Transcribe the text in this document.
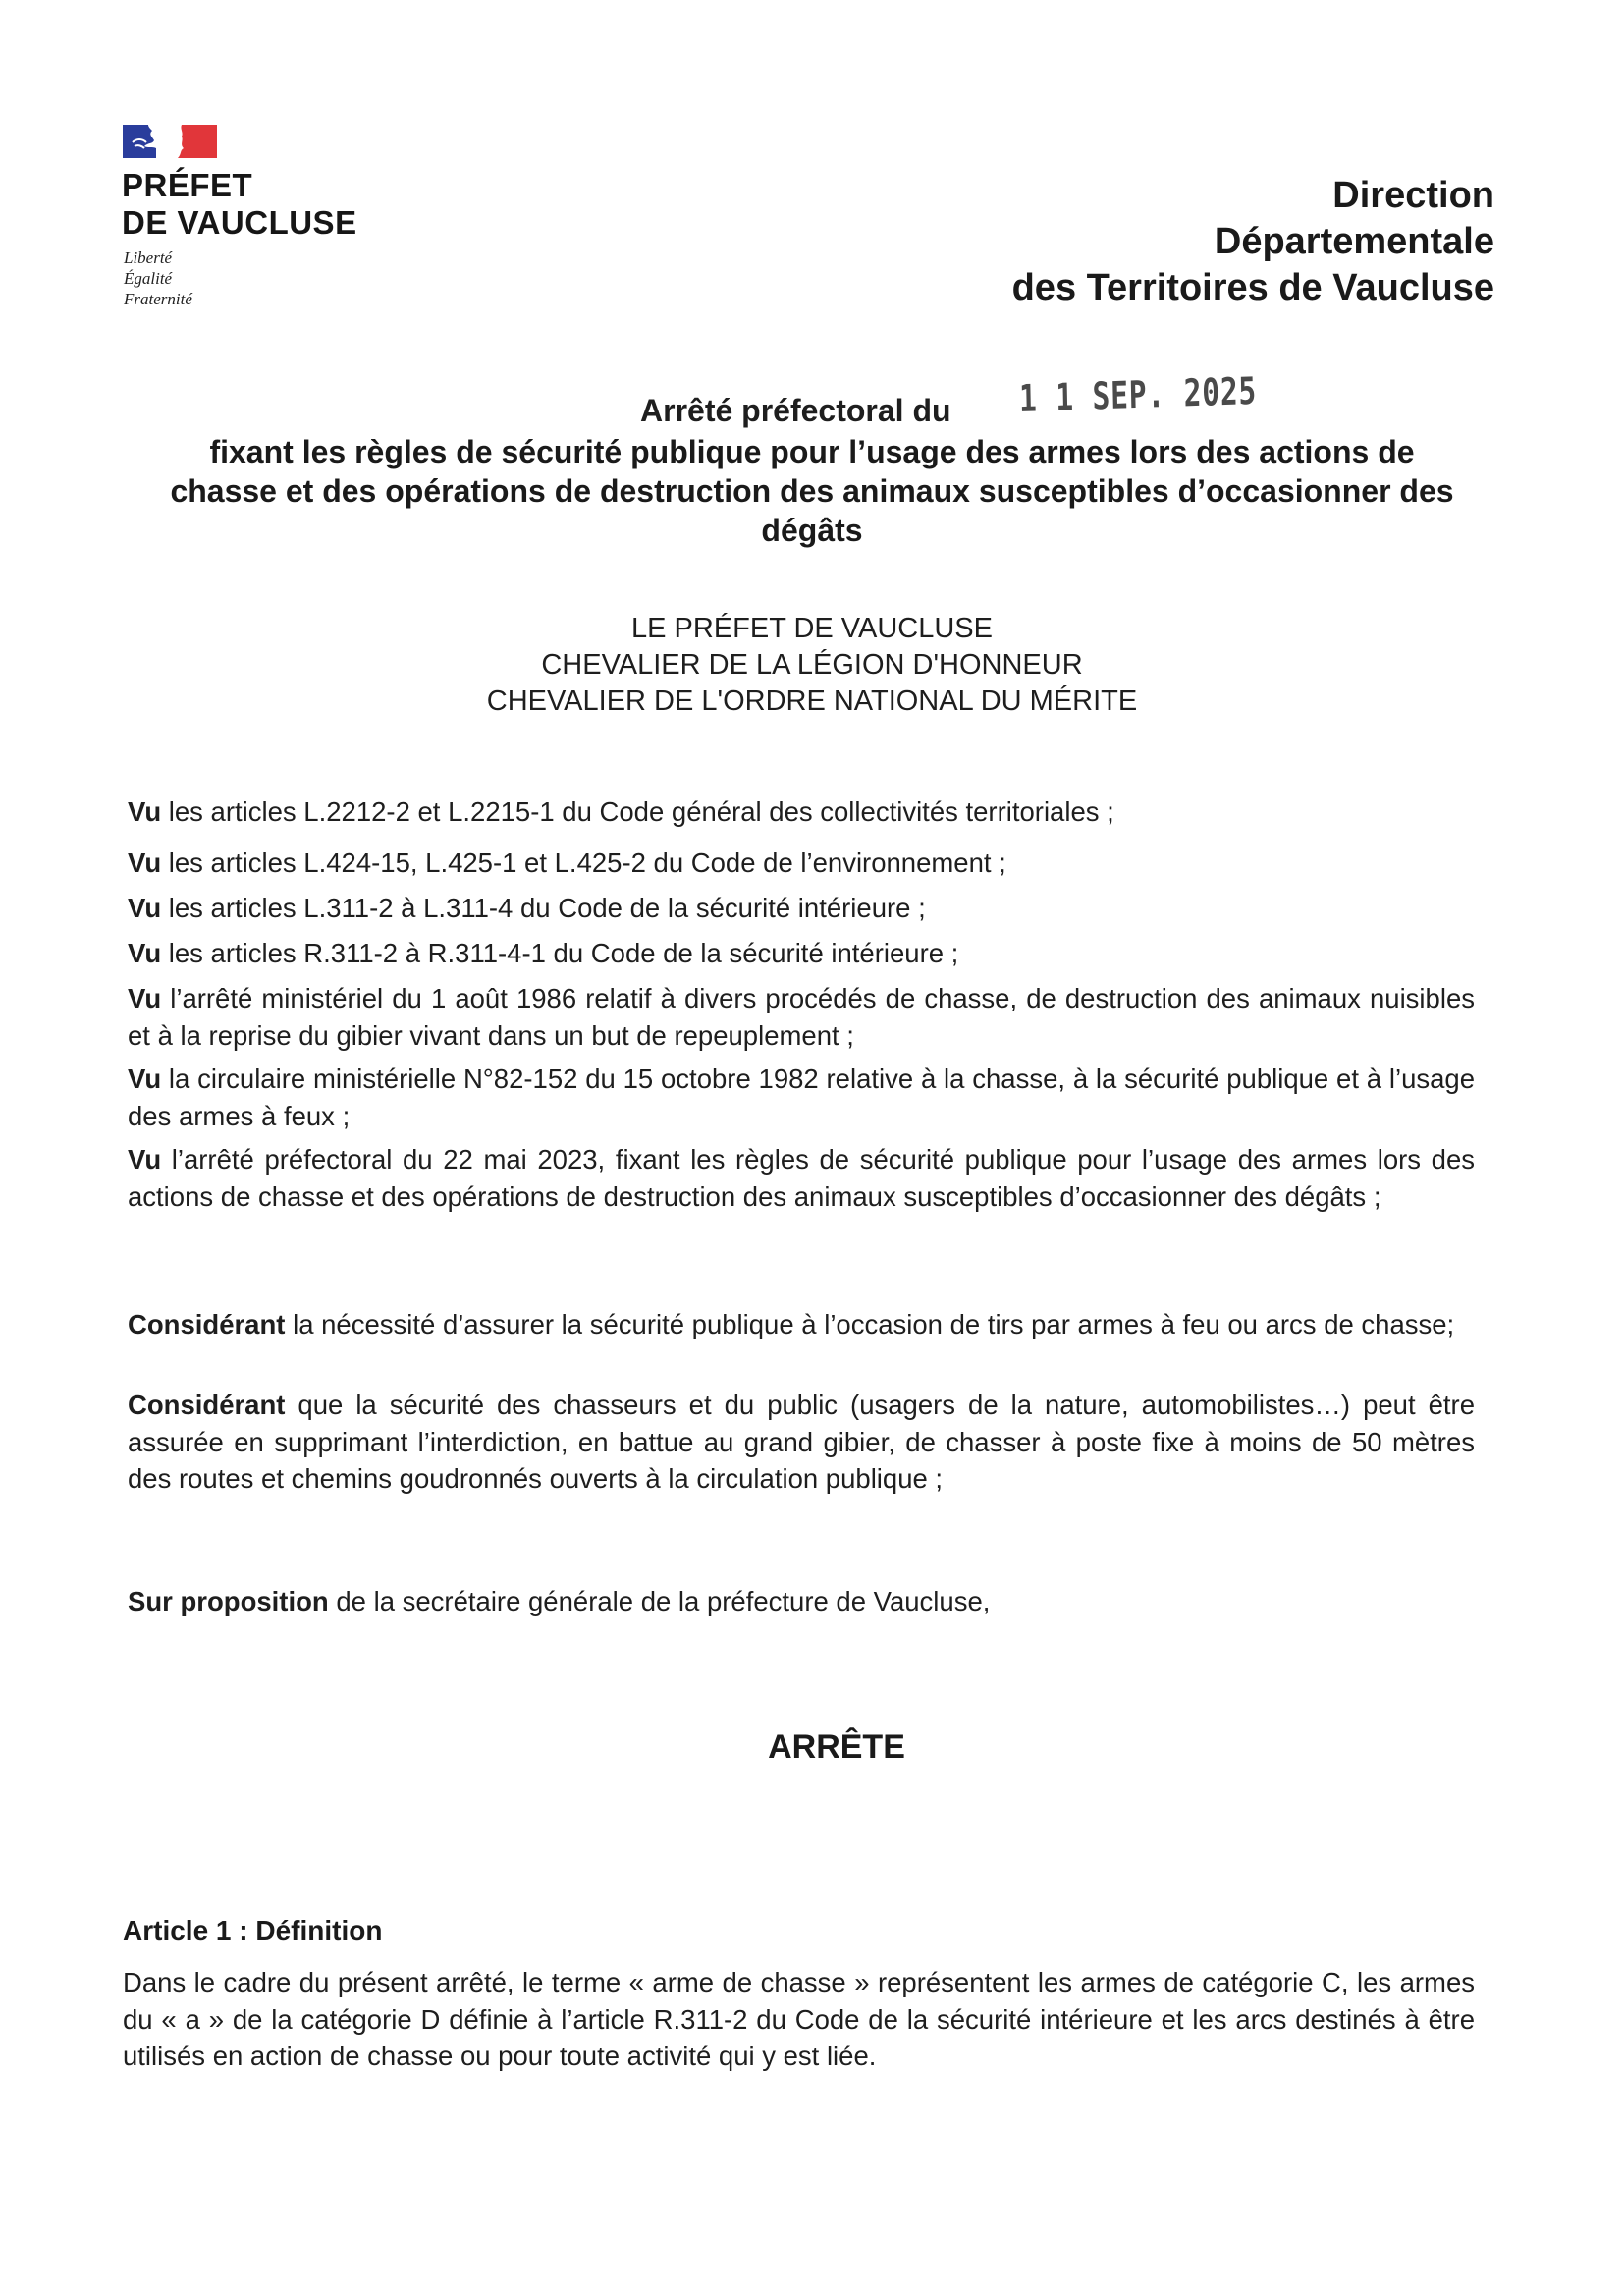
PRÉFET
DE VAUCLUSE
Liberté
Égalité
Fraternité
Direction
Départementale
des Territoires de Vaucluse
Arrêté préfectoral du 1 1 SEP. 2025
fixant les règles de sécurité publique pour l’usage des armes lors des actions de
chasse et des opérations de destruction des animaux susceptibles d’occasionner des
dégâts
LE PRÉFET DE VAUCLUSE
CHEVALIER DE LA LÉGION D'HONNEUR
CHEVALIER DE L'ORDRE NATIONAL DU MÉRITE
Vu les articles L.2212-2 et L.2215-1 du Code général des collectivités territoriales ;
Vu les articles L.424-15, L.425-1 et L.425-2 du Code de l’environnement ;
Vu les articles L.311-2 à L.311-4 du Code de la sécurité intérieure ;
Vu les articles R.311-2 à R.311-4-1 du Code de la sécurité intérieure ;
Vu l’arrêté ministériel du 1 août 1986 relatif à divers procédés de chasse, de destruction des animaux nuisibles et à la reprise du gibier vivant dans un but de repeuplement ;
Vu la circulaire ministérielle N°82-152 du 15 octobre 1982 relative à la chasse, à la sécurité publique et à l’usage des armes à feux ;
Vu l’arrêté préfectoral du 22 mai 2023, fixant les règles de sécurité publique pour l’usage des armes lors des actions de chasse et des opérations de destruction des animaux susceptibles d’occasionner des dégâts ;
Considérant la nécessité d’assurer la sécurité publique à l’occasion de tirs par armes à feu ou arcs de chasse;
Considérant que la sécurité des chasseurs et du public (usagers de la nature, automobilistes…) peut être assurée en supprimant l’interdiction, en battue au grand gibier, de chasser à poste fixe à moins de 50 mètres des routes et chemins goudronnés ouverts à la circulation publique ;
Sur proposition de la secrétaire générale de la préfecture de Vaucluse,
ARRÊTE
Article 1 : Définition
Dans le cadre du présent arrêté, le terme « arme de chasse » représentent les armes de catégorie C, les armes du « a » de la catégorie D définie à l’article R.311-2 du Code de la sécurité intérieure et les arcs destinés à être utilisés en action de chasse ou pour toute activité qui y est liée.
